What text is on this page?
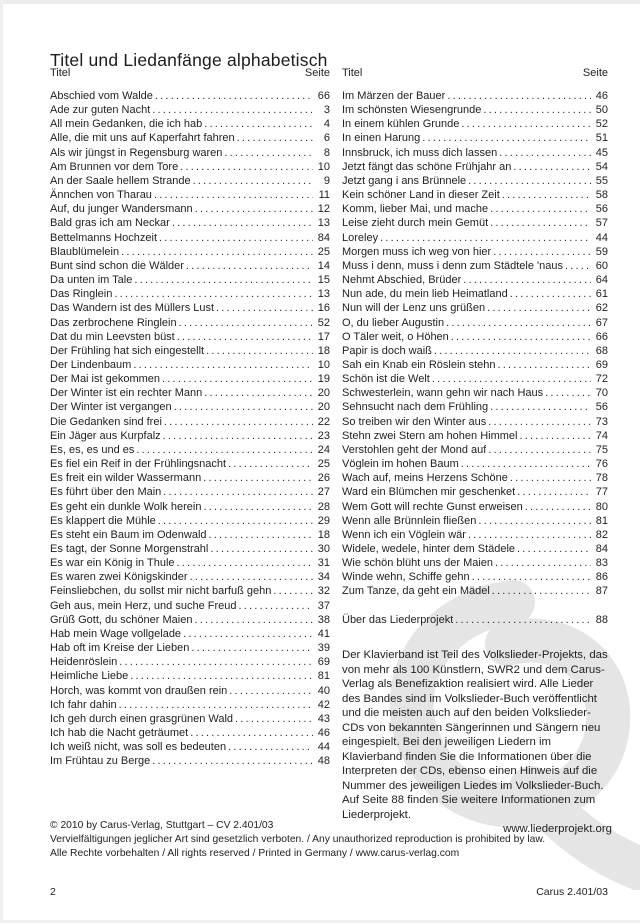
Titel und Liedanfänge alphabetisch
Titel	Seite Titel	Seite
Abschied vom Walde .....	66
Ade zur guten Nacht .....	3
All mein Gedanken, die ich hab .....	4
Alle, die mit uns auf Kaperfahrt fahren .....	6
Als wir jüngst in Regensburg waren .....	8
Am Brunnen vor dem Tore .....	10
An der Saale hellem Strande .....	9
Ännchen von Tharau .....	11
Auf, du junger Wandersmann .....	12
Bald gras ich am Neckar .....	13
Bettelmanns Hochzeit .....	84
Blaublümelein .....	25
Bunt sind schon die Wälder .....	14
Da unten im Tale .....	15
Das Ringlein .....	13
Das Wandern ist des Müllers Lust .....	16
Das zerbrochene Ringlein .....	52
Dat du min Leevsten büst .....	17
Der Frühling hat sich eingestellt .....	18
Der Lindenbaum .....	10
Der Mai ist gekommen .....	19
Der Winter ist ein rechter Mann .....	20
Der Winter ist vergangen .....	20
Die Gedanken sind frei .....	22
Ein Jäger aus Kurpfalz .....	23
Es, es, es und es .....	24
Es fiel ein Reif in der Frühlingsnacht .....	25
Es freit ein wilder Wassermann .....	26
Es führt über den Main .....	27
Es geht ein dunkle Wolk herein .....	28
Es klappert die Mühle .....	29
Es steht ein Baum im Odenwald .....	18
Es tagt, der Sonne Morgenstrahl .....	30
Es war ein König in Thule .....	31
Es waren zwei Königskinder .....	34
Feinsliebchen, du sollst mir nicht barfuß gehn .....	32
Geh aus, mein Herz, und suche Freud .....	37
Grüß Gott, du schöner Maien .....	38
Hab mein Wage vollgelade .....	41
Hab oft im Kreise der Lieben .....	39
Heidenröslein .....	69
Heimliche Liebe .....	81
Horch, was kommt von draußen rein .....	40
Ich fahr dahin .....	42
Ich geh durch einen grasgrünen Wald .....	43
Ich hab die Nacht geträumet .....	46
Ich weiß nicht, was soll es bedeuten .....	44
Im Frühtau zu Berge .....	48
Im Märzen der Bauer .....	46
Im schönsten Wiesengrunde .....	50
In einem kühlen Grunde .....	52
In einen Harung .....	51
Innsbruck, ich muss dich lassen .....	45
Jetzt fängt das schöne Frühjahr an .....	54
Jetzt gang i ans Brünnele .....	55
Kein schöner Land in dieser Zeit .....	58
Komm, lieber Mai, und mache .....	56
Leise zieht durch mein Gemüt .....	57
Loreley .....	44
Morgen muss ich weg von hier .....	59
Muss i denn, muss i denn zum Städtele 'naus .....	60
Nehmt Abschied, Brüder .....	64
Nun ade, du mein lieb Heimatland .....	61
Nun will der Lenz uns grüßen .....	62
O, du lieber Augustin .....	67
O Täler weit, o Höhen .....	66
Papir is doch waiß .....	68
Sah ein Knab ein Röslein stehn .....	69
Schön ist die Welt .....	72
Schwesterlein, wann gehn wir nach Haus .....	70
Sehnsucht nach dem Frühling .....	56
So treiben wir den Winter aus .....	73
Stehn zwei Stern am hohen Himmel .....	74
Verstohlen geht der Mond auf .....	75
Vöglein im hohen Baum .....	76
Wach auf, meins Herzens Schöne .....	78
Ward ein Blümchen mir geschenket .....	77
Wem Gott will rechte Gunst erweisen .....	80
Wenn alle Brünnlein fließen .....	81
Wenn ich ein Vöglein wär .....	82
Widele, wedele, hinter dem Städele .....	84
Wie schön blüht uns der Maien .....	83
Winde wehn, Schiffe gehn .....	86
Zum Tanze, da geht ein Mädel .....	87
Über das Liederprojekt .....	88
Der Klavierband ist Teil des Volkslieder-Projekts, das von mehr als 100 Künstlern, SWR2 und dem Carus-Verlag als Benefizaktion realisiert wird. Alle Lieder des Bandes sind im Volkslieder-Buch veröffentlicht und die meisten auch auf den beiden Volkslieder-CDs von bekannten Sängerinnen und Sängern neu eingespielt. Bei den jeweiligen Liedern im Klavierband finden Sie die Informationen über die Interpreten der CDs, ebenso einen Hinweis auf die Nummer des jeweiligen Liedes im Volkslieder-Buch. Auf Seite 88 finden Sie weitere Informationen zum Liederprojekt.
www.liederprojekt.org
© 2010 by Carus-Verlag, Stuttgart – CV 2.401/03
Vervielfältigungen jeglicher Art sind gesetzlich verboten. / Any unauthorized reproduction is prohibited by law.
Alle Rechte vorbehalten / All rights reserved / Printed in Germany / www.carus-verlag.com
2	Carus 2.401/03
